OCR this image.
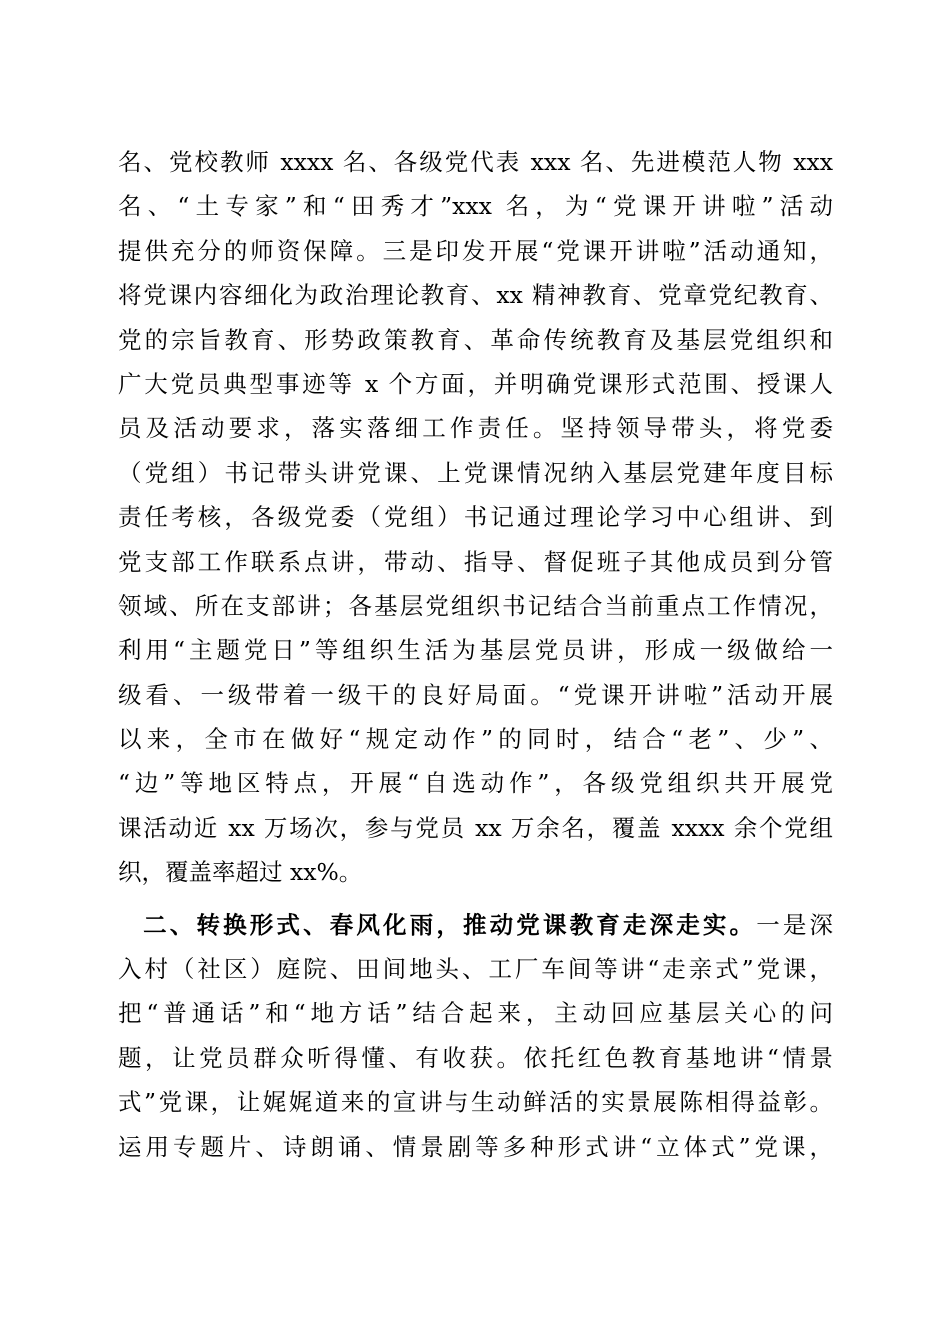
名、党校教师 xxxx 名、各级党代表 xxx 名、先进模范人物 xxx
名、“土专家”和“田秀才”xxx 名，为“党课开讲啦”活动
提供充分的师资保障。三是印发开展“党课开讲啦”活动通知，
将党课内容细化为政治理论教育、xx 精神教育、党章党纪教育、
党的宗旨教育、形势政策教育、革命传统教育及基层党组织和
广大党员典型事迹等 x 个方面，并明确党课形式范围、授课人
员及活动要求，落实落细工作责任。坚持领导带头，将党委
（党组）书记带头讲党课、上党课情况纳入基层党建年度目标
责任考核，各级党委（党组）书记通过理论学习中心组讲、到
党支部工作联系点讲，带动、指导、督促班子其他成员到分管
领域、所在支部讲；各基层党组织书记结合当前重点工作情况，
利用“主题党日”等组织生活为基层党员讲，形成一级做给一
级看、一级带着一级干的良好局面。“党课开讲啦”活动开展
以来，全市在做好“规定动作”的同时，结合“老”、少”、
“边”等地区特点，开展“自选动作”，各级党组织共开展党
课活动近 xx 万场次，参与党员 xx 万余名，覆盖 xxxx 余个党组
织，覆盖率超过 xx%。
二、转换形式、春风化雨，推动党课教育走深走实。一是深
入村（社区）庭院、田间地头、工厂车间等讲“走亲式”党课，
把“普通话”和“地方话”结合起来，主动回应基层关心的问
题，让党员群众听得懂、有收获。依托红色教育基地讲“情景
式”党课，让娓娓道来的宣讲与生动鲜活的实景展陈相得益彰。
运用专题片、诗朗诵、情景剧等多种形式讲“立体式”党课，
